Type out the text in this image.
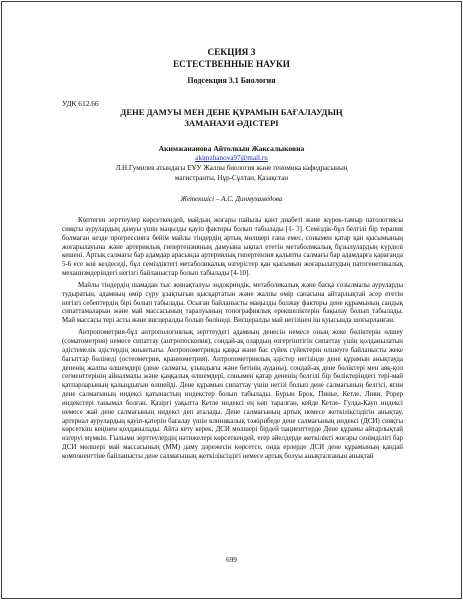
СЕКЦИЯ 3
ЕСТЕСТВЕННЫЕ НАУКИ
Подсекция 3.1 Биология
УДК 612.66
ДЕНЕ ДАМУЫ МЕН ДЕНЕ ҚҰРАМЫН БАҒАЛАУДЫҢ
ЗАМАНАУИ ӘДІСТЕРІ
Акимжананова Айтолкын Жаксалыковна
akimzhanova97@mail.ru
Л.Н.Гумилев атындағы ЕҰУ Жалпы биология және геномика кафедрасының
магистранты, Нұр-Сұлтан, Қазақстан
Жетекшісі – А.С. Динмухамедова

Көптеген зерттеулер көрсеткендей, майдың жоғары пайызы қант диабеті және жүрек-тамыр патологиясы сияқты аурулардың дамуы үшін маңызды қауіп факторы болып табылады [1- 3]. Семіздік-бұл белгілі бір терапия болмаған кезде прогрессияға бейім майлы тіндердің артық мөлшері ғана емес, сонымен қатар қан қысымының жоғарылауына және артериялық гипертензияның дамуына ықпал ететін метаболикалық бұзылулардың күрделі кешені. Артық салмағы бар адамдар арасында артериялық гипертензия қалыпты салмағы бар адамдарға қарағанда 5-6 есе жиі кездеседі, бұл семіздіктегі метаболикалық өзгерістер қан қысымын жоғарылатудың патогенетикалық механизмдеріндегі негізгі байланыстар болып табылады [4-10].

Майлы тіндердің шамадан тыс жинақталуы эндокриндік, метаболикалық және басқа созылмалы ауруларды тудыратын, адамның өмір сүру ұзақтығын қысқартатын және жалпы өмір сапасына айтарлықтай әсер ететін негізгі себептердің бірі болып табылады. Осыған байланысты маңызды болжау факторы дене құрамының сандық сипаттамаларын және май массасының таралуының топографиялық ерекшеліктерін бақылау болып табылады. Май массасы тері асты және висцералды болып бөлінеді. Висцералды май негізінен іш қуысында шоғырланған.

Антропометрия-бұл антропологиялық зерттеудегі адамның денесін немесе оның жеке бөліктерін өлшеу (соматометрия) немесе сипаттау (антропоскопия), сондай-ақ олардың өзгергіштігін сипаттау үшін қолданылатын әдістемелік әдістердің жиынтығы. Антропометрияда қаңқа және бас сүйек сүйектерін өлшеуге байланысты жеке бағыттар бөлінеді (остеометрия, краниометрия). Антропометриялық әдістер негізінде дене құрамын анықтауда дененің жалпы өлшемдері (дене салмағы, ұзындығы және бетінің ауданы), сондай-ақ дене бөліктері мен аяқ-қол сегменттерінің айналмалы және қаңқалық өлшемдері, сонымен қатар дененің белгілі бір бөліктеріндегі тері-май қатпарларының қалыңдығын өлшейді. Дене құрамын сипаттау үшін негізі болып дене салмағының белгісі, яғни дене салмағының индексі қатынастың индекстер болып табылады. Бурын Брок, Пинье, Кетле, Ливи, Рорер индекстері танымал болған. Қазіргі уақытта Кетле индексі ең көп таралған, кейде Кетле- Гулда-Кауп индексі немесе жай дене салмағының индексі деп аталады. Дене салмағының артық немесе жеткіліксіздігін анықтау, артериал аурулардың қауіп-қатерін бағалау үшін клиникалық тәжірибеде дене салмағының индексі (ДСИ) сияқты көрсеткіш кеңінен қолданылады. Айта кету керек, ДСИ мөлшері бірдей пациенттерде Дене құрамы айтарлықтай өзгеруі мүмкін. Ғылыми зерттеулердің нәтижелері көрсеткендей, егер әйелдерде жеткілікті жоғары сенімділігі бар ДСИ мөлшері май массасының (ММ) даму дәрежесін көрсетсе, онда ерлерде ДСИ дене құрамының қандай компоненттіне байланысты дене салмағының жеткіліксіздігі немесе артық болуы анықталғанын анықтай

699
